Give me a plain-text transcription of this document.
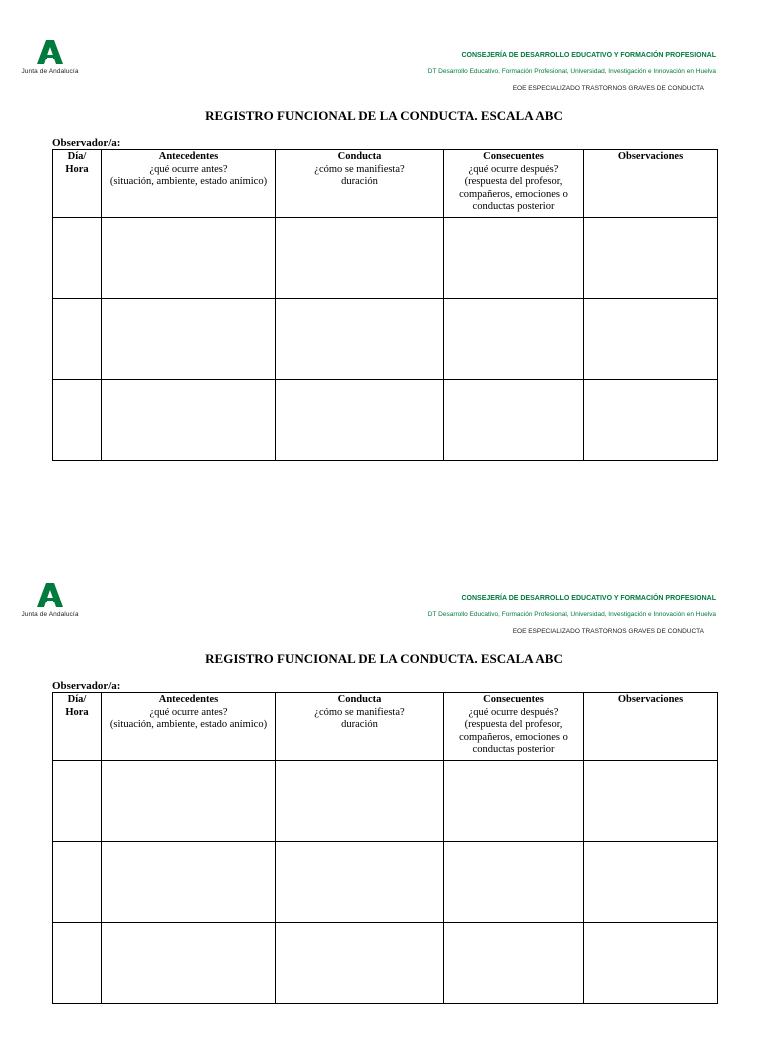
Junta de Andalucía
CONSEJERÍA DE DESARROLLO EDUCATIVO Y FORMACIÓN PROFESIONAL
DT Desarrollo Educativo, Formación Profesional, Universidad, Investigación e Innovación en Huelva
EOE ESPECIALIZADO TRASTORNOS GRAVES DE CONDUCTA
REGISTRO FUNCIONAL DE LA CONDUCTA. ESCALA ABC
Observador/a:
Día/
Hora	Antecedentes
¿qué ocurre antes?
(situación, ambiente, estado anímico)	Conducta
¿cómo se manifiesta?
duración	Consecuentes
¿qué ocurre después?
(respuesta del profesor,
compañeros, emociones o
conductas posterior	Observaciones

Junta de Andalucía
CONSEJERÍA DE DESARROLLO EDUCATIVO Y FORMACIÓN PROFESIONAL
DT Desarrollo Educativo, Formación Profesional, Universidad, Investigación e Innovación en Huelva
EOE ESPECIALIZADO TRASTORNOS GRAVES DE CONDUCTA
REGISTRO FUNCIONAL DE LA CONDUCTA. ESCALA ABC
Observador/a:
Día/
Hora	Antecedentes
¿qué ocurre antes?
(situación, ambiente, estado anímico)	Conducta
¿cómo se manifiesta?
duración	Consecuentes
¿qué ocurre después?
(respuesta del profesor,
compañeros, emociones o
conductas posterior	Observaciones
